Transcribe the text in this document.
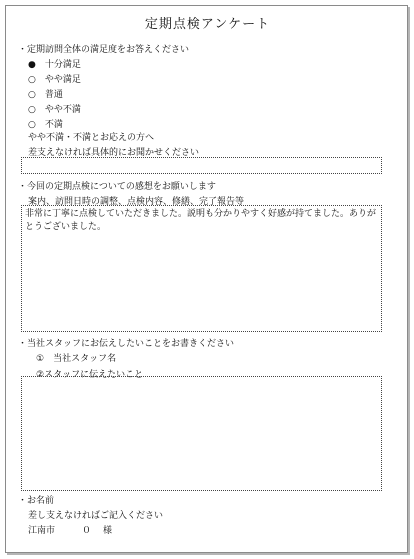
定期点検アンケート
・定期訪問全体の満足度をお答えください
● 十分満足
○ やや満足
○ 普通
○ やや不満
○ 不満
やや不満・不満とお応えの方へ
差支えなければ具体的にお聞かせください
・今回の定期点検についての感想をお願いします
案内、訪問日時の調整、点検内容、修繕、完了報告等
非常に丁寧に点検していただきました。説明も分かりやすく好感が持てました。ありがとうございました。
・当社スタッフにお伝えしたいことをお書きください
①　当社スタッフ名
②スタッフに伝えたいこと
・お名前
差し支えなければご記入ください
江南市	０ 様
